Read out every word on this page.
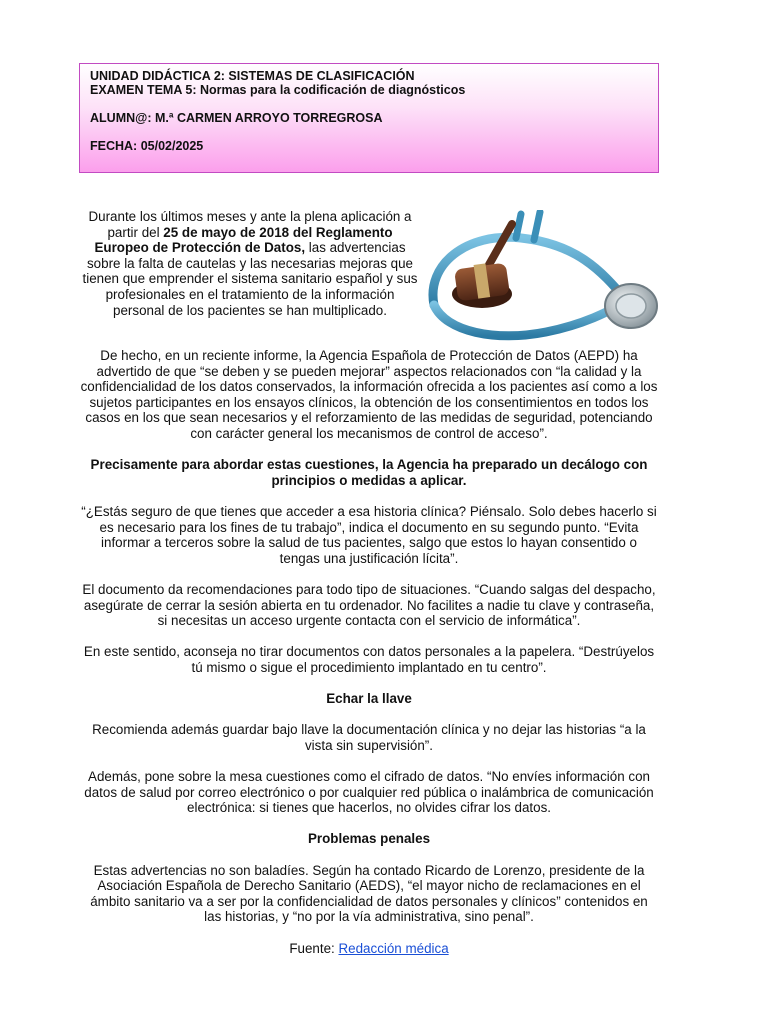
UNIDAD DIDÁCTICA 2: SISTEMAS DE CLASIFICACIÓN
EXAMEN TEMA 5: Normas para la codificación de diagnósticos
ALUMN@: M.ª CARMEN ARROYO TORREGROSA
FECHA: 05/02/2025
Durante los últimos meses y ante la plena aplicación a partir del 25 de mayo de 2018 del Reglamento Europeo de Protección de Datos, las advertencias sobre la falta de cautelas y las necesarias mejoras que tienen que emprender el sistema sanitario español y sus profesionales en el tratamiento de la información personal de los pacientes se han multiplicado.

De hecho, en un reciente informe, la Agencia Española de Protección de Datos (AEPD) ha advertido de que “se deben y se pueden mejorar” aspectos relacionados con “la calidad y la confidencialidad de los datos conservados, la información ofrecida a los pacientes así como a los sujetos participantes en los ensayos clínicos, la obtención de los consentimientos en todos los casos en los que sean necesarios y el reforzamiento de las medidas de seguridad, potenciando con carácter general los mecanismos de control de acceso”.

Precisamente para abordar estas cuestiones, la Agencia ha preparado un decálogo con principios o medidas a aplicar.

“¿Estás seguro de que tienes que acceder a esa historia clínica? Piénsalo. Solo debes hacerlo si es necesario para los fines de tu trabajo”, indica el documento en su segundo punto. “Evita informar a terceros sobre la salud de tus pacientes, salgo que estos lo hayan consentido o tengas una justificación lícita”.

El documento da recomendaciones para todo tipo de situaciones. “Cuando salgas del despacho, asegúrate de cerrar la sesión abierta en tu ordenador. No facilites a nadie tu clave y contraseña, si necesitas un acceso urgente contacta con el servicio de informática”.

En este sentido, aconseja no tirar documentos con datos personales a la papelera. “Destrúyelos tú mismo o sigue el procedimiento implantado en tu centro”.

Echar la llave

Recomienda además guardar bajo llave la documentación clínica y no dejar las historias “a la vista sin supervisión”.

Además, pone sobre la mesa cuestiones como el cifrado de datos. “No envíes información con datos de salud por correo electrónico o por cualquier red pública o inalámbrica de comunicación electrónica: si tienes que hacerlos, no olvides cifrar los datos.

Problemas penales

Estas advertencias no son baladíes. Según ha contado Ricardo de Lorenzo, presidente de la Asociación Española de Derecho Sanitario (AEDS), “el mayor nicho de reclamaciones en el ámbito sanitario va a ser por la confidencialidad de datos personales y clínicos” contenidos en las historias, y “no por la vía administrativa, sino penal”.

Fuente: Redacción médica
